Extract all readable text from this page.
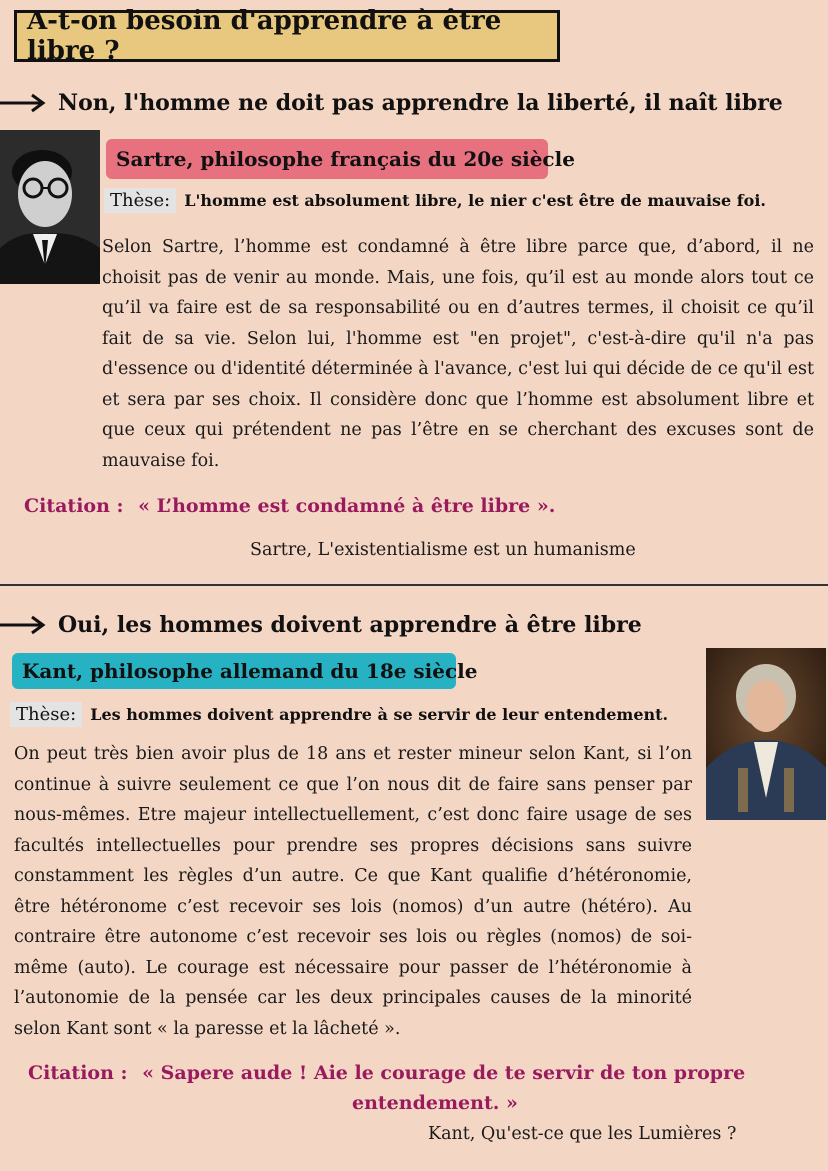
A-t-on besoin d'apprendre à être libre ?
Non, l'homme ne doit pas apprendre la liberté, il naît libre
Sartre, philosophe français du 20e siècle
Thèse: L'homme est absolument libre, le nier c'est être de mauvaise foi.

Selon Sartre, l’homme est condamné à être libre parce que, d’abord, il ne choisit pas de venir au monde. Mais, une fois, qu’il est au monde alors tout ce qu’il va faire est de sa responsabilité ou en d’autres termes, il choisit ce qu’il fait de sa vie. Selon lui, l'homme est "en projet", c'est-à-dire qu'il n'a pas d'essence ou d'identité déterminée à l'avance, c'est lui qui décide de ce qu'il est et sera par ses choix. Il considère donc que l’homme est absolument libre et que ceux qui prétendent ne pas l’être en se cherchant des excuses sont de mauvaise foi.

Citation : « L’homme est condamné à être libre ».
Sartre, L'existentialisme est un humanisme
Oui, les hommes doivent apprendre à être libre
Kant, philosophe allemand du 18e siècle
Thèse: Les hommes doivent apprendre à se servir de leur entendement.

On peut très bien avoir plus de 18 ans et rester mineur selon Kant, si l’on continue à suivre seulement ce que l’on nous dit de faire sans penser par nous-mêmes. Etre majeur intellectuellement, c’est donc faire usage de ses facultés intellectuelles pour prendre ses propres décisions sans suivre constamment les règles d’un autre. Ce que Kant qualifie d’hétéronomie, être hétéronome c’est recevoir ses lois (nomos) d’un autre (hétéro). Au contraire être autonome c’est recevoir ses lois ou règles (nomos) de soi-même (auto). Le courage est nécessaire pour passer de l’hétéronomie à l’autonomie de la pensée car les deux principales causes de la minorité selon Kant sont « la paresse et la lâcheté ».

Citation : « Sapere aude ! Aie le courage de te servir de ton propre
entendement. »
Kant, Qu'est-ce que les Lumières ?
